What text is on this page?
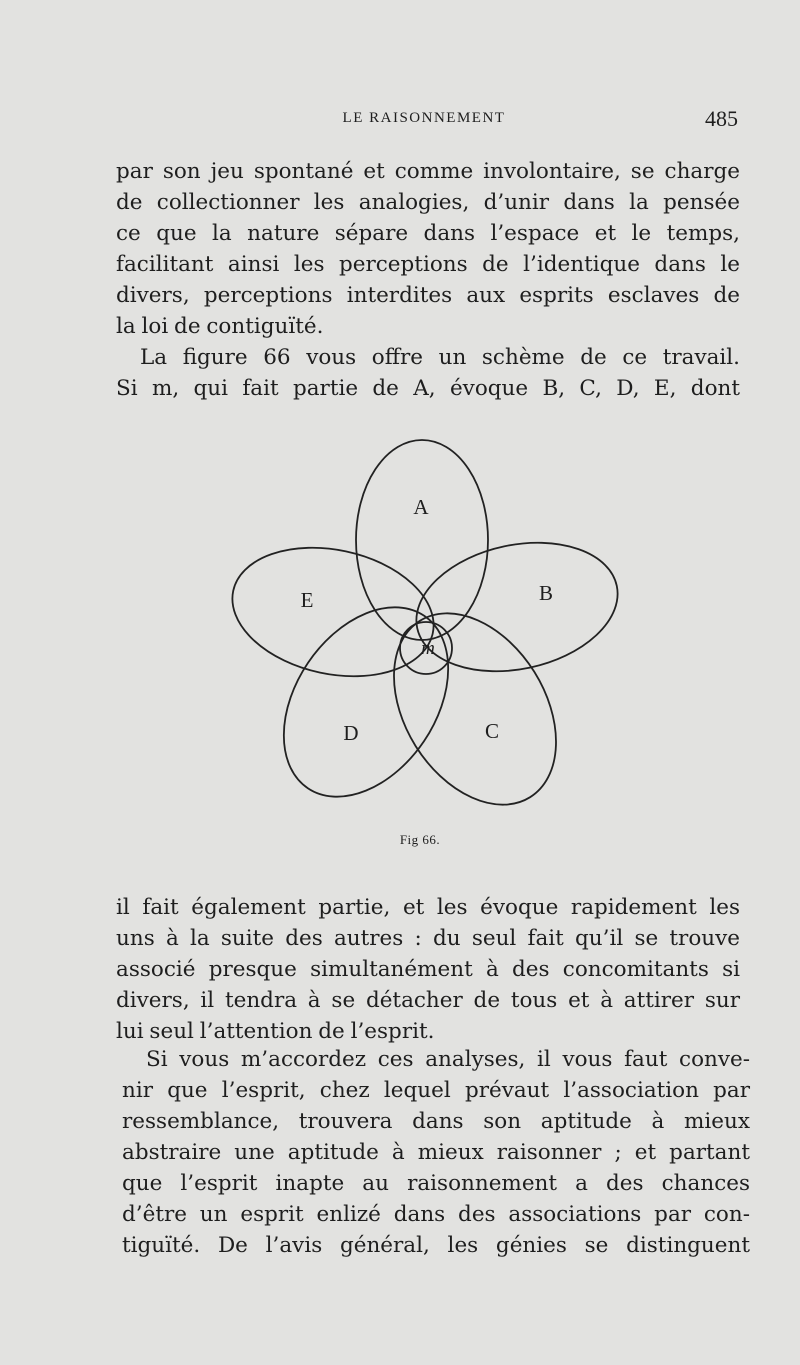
LE RAISONNEMENT	485

par son jeu spontané et comme involontaire, se charge
de collectionner les analogies, d’unir dans la pensée
ce que la nature sépare dans l’espace et le temps,
facilitant ainsi les perceptions de l’identique dans le
divers, perceptions interdites aux esprits esclaves de
la loi de contiguïté.

La figure 66 vous offre un schème de ce travail.
Si m, qui fait partie de A, évoque B, C, D, E, dont

A
B
C
D
E
m
Fig 66.

il fait également partie, et les évoque rapidement les
uns à la suite des autres : du seul fait qu’il se trouve
associé presque simultanément à des concomitants si
divers, il tendra à se détacher de tous et à attirer sur
lui seul l’attention de l’esprit.

Si vous m’accordez ces analyses, il vous faut conve-
nir que l’esprit, chez lequel prévaut l’association par
ressemblance, trouvera dans son aptitude à mieux
abstraire une aptitude à mieux raisonner ; et partant
que l’esprit inapte au raisonnement a des chances
d’être un esprit enlizé dans des associations par con-
tiguïté. De l’avis général, les génies se distinguent
